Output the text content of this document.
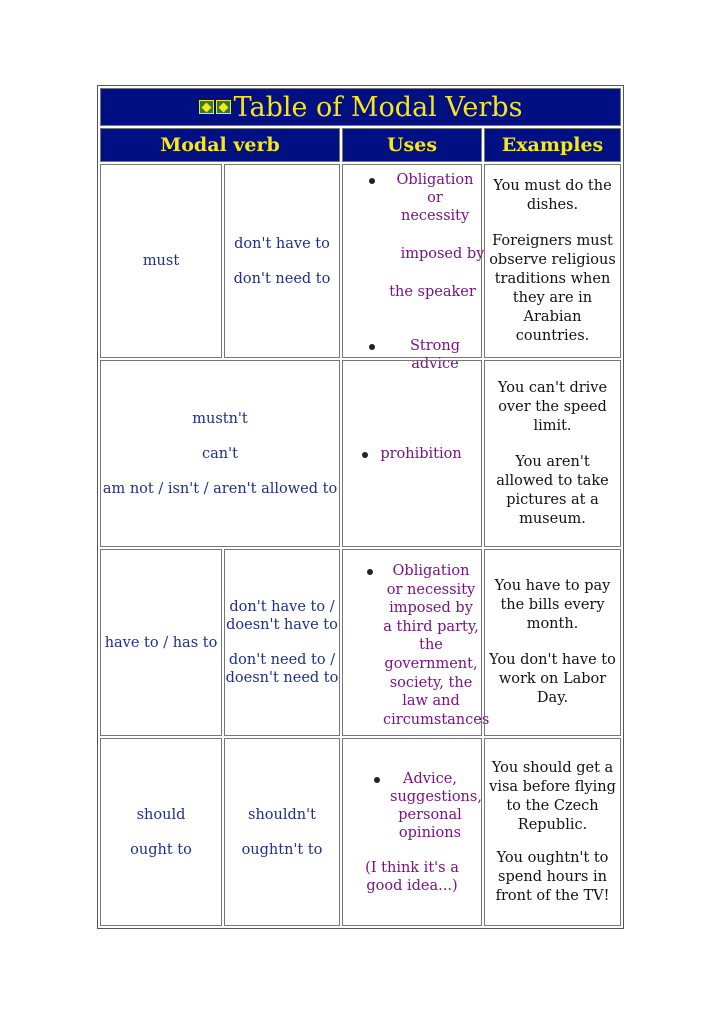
Table of Modal Verbs
Modal verb	Uses	Examples
must
don't have to
don't need to
Obligation or
necessity
imposed by
the speaker
Strong advice
You must do the dishes.
Foreigners must observe religious traditions when they are in Arabian countries.
mustn't
can't
am not / isn't / aren't allowed to
prohibition
You can't drive over the speed limit.
You aren't allowed to take pictures at a museum.
have to / has to
don't have to / doesn't have to
don't need to / doesn't need to
Obligation or necessity imposed by a third party, the government, society, the law and circumstances
You have to pay the bills every month.
You don't have to work on Labor Day.
should
ought to
shouldn't
oughtn't to
Advice, suggestions, personal opinions
(I think it's a good idea...)
You should get a visa before flying to the Czech Republic.
You oughtn't to spend hours in front of the TV!
